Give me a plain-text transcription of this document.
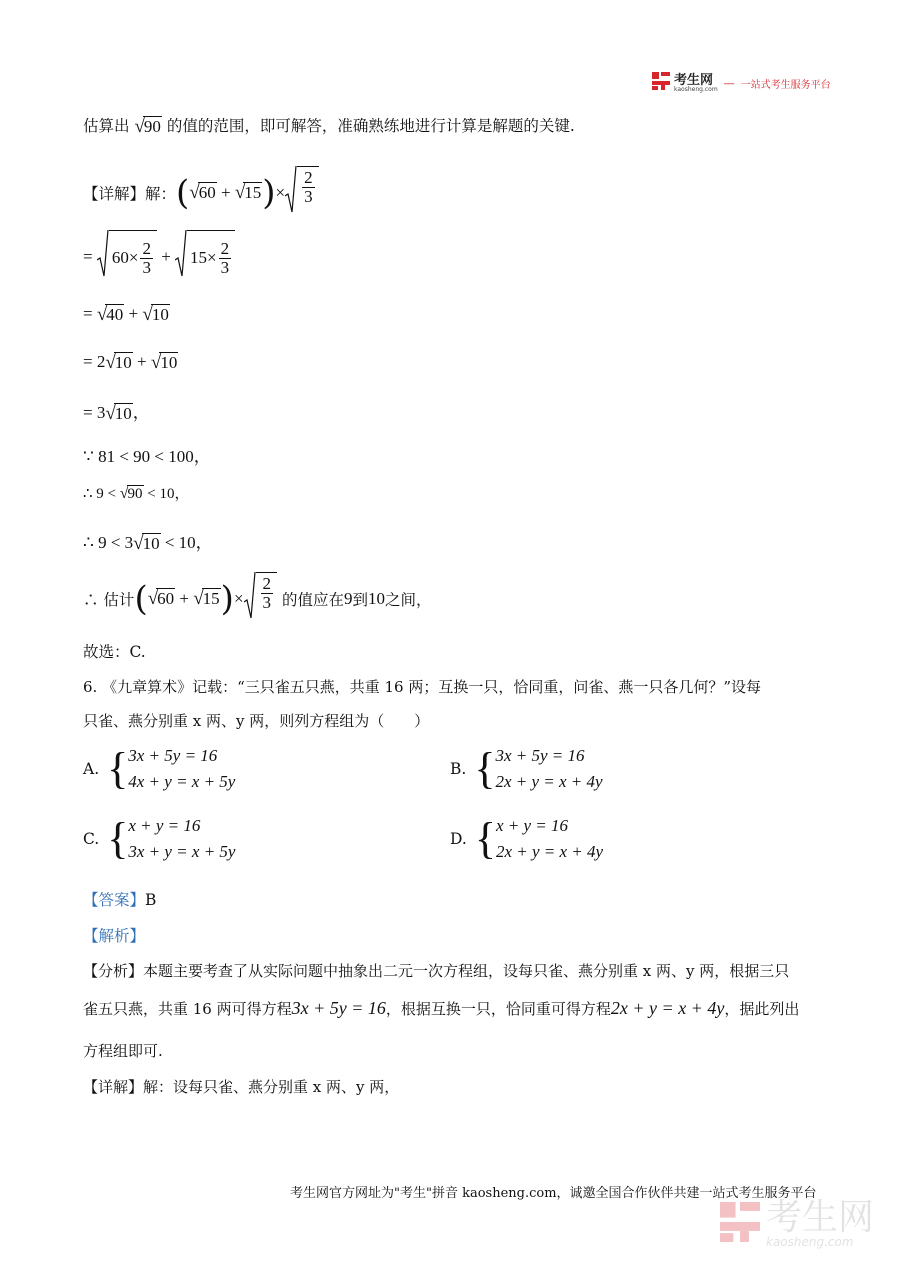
考生网
kaosheng.com — 一站式考生服务平台
估算出 √90 的值的范围，即可解答，准确熟练地进行计算是解题的关键.
【详解】解： ( √60 + √15 ) × $\frac{2}{3}$
= $60\times \frac{2}{3} + 15\times \frac{2}{3}$
= √40 + √10
= 2√10 + √10
= 3√10，
∵ 81 < 90 < 100，
∴ 9 < √90 < 10，
∴ 9 < 3√10 < 10，
∴ 估计 ( √60 + √15 ) × $\frac{2}{3}$
的值应在 9 到 10 之间，
故选：C.
6. 《九章算术》记载：“三只雀五只燕，共重 16 两；互换一只，恰同重，问雀、燕一只各几何？”设每
只雀、燕分别重 x 两、y 两，则列方程组为（　　）
A. { 3x + 5y = 16
4x + y = x + 5y
B. { 3x + 5y = 16
2x + y = x + 4y
C. { x + y = 16
3x + y = x + 5y
D. { x + y = 16
2x + y = x + 4y
【答案】B
【解析】
【分析】本题主要考查了从实际问题中抽象出二元一次方程组，设每只雀、燕分别重 x 两、y 两，根据三只
雀五只燕，共重 16 两可得方程 3x + 5y = 16 ，根据互换一只，恰同重可得方程 2x + y = x + 4y ，据此列出
方程组即可.
【详解】解：设每只雀、燕分别重 x 两、y 两，
考生网官方网址为"考生"拼音 kaosheng.com，诚邀全国合作伙伴共建一站式考生服务平台
考生网
kaosheng.com
